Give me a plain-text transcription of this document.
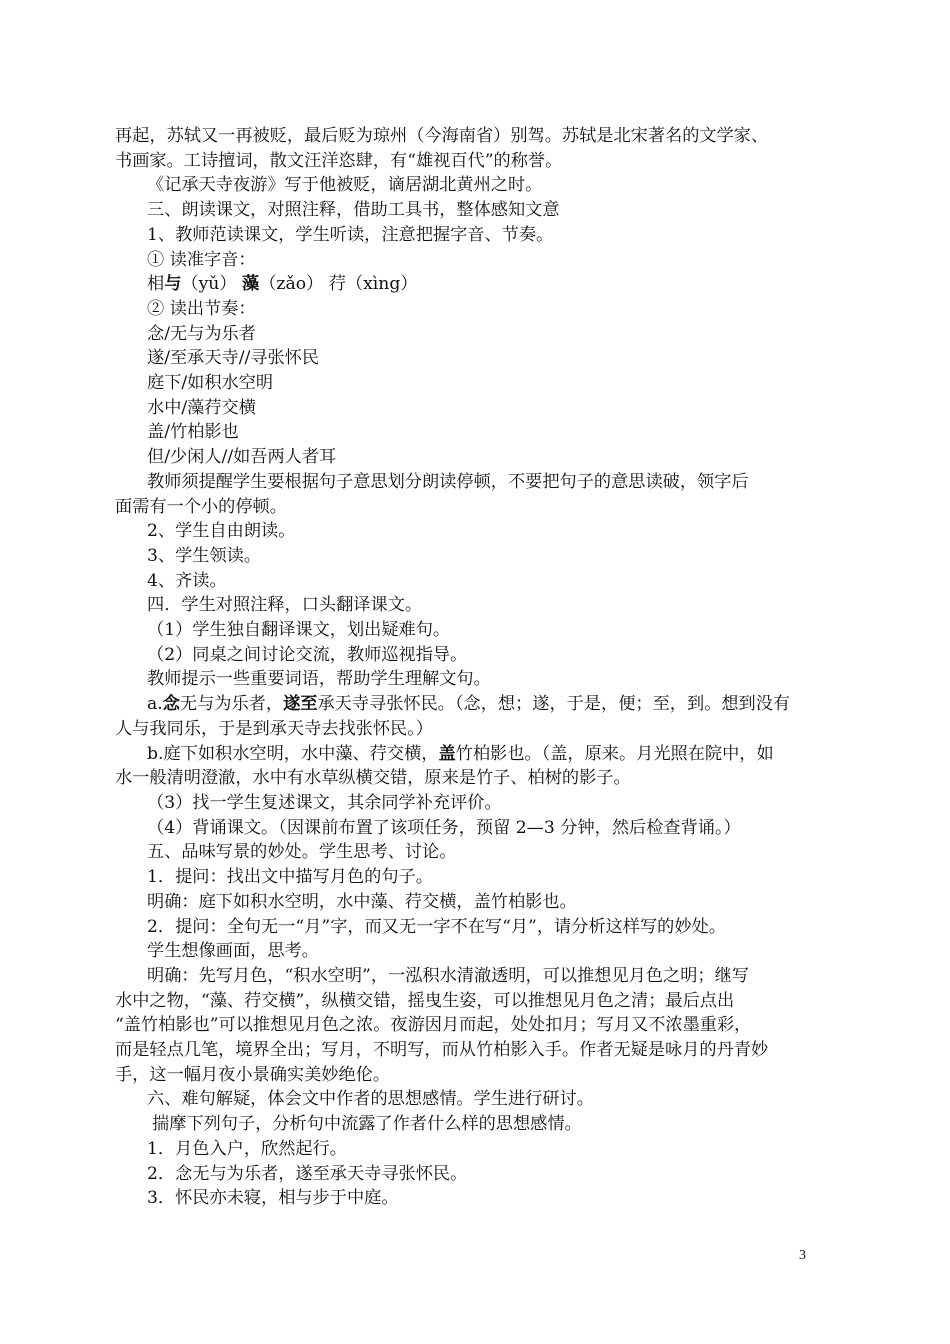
再起，苏轼又一再被贬，最后贬为琼州（今海南省）别驾。苏轼是北宋著名的文学家、

书画家。工诗擅词，散文汪洋恣肆，有“雄视百代”的称誉。

《记承天寺夜游》写于他被贬，谪居湖北黄州之时。

三、朗读课文，对照注释，借助工具书，整体感知文意

1、教师范读课文，学生听读，注意把握字音、节奏。

① 读准字音：

相与（yǔ） 藻（zǎo） 荇（xìng）

② 读出节奏：

念/无与为乐者

遂/至承天寺//寻张怀民

庭下/如积水空明

水中/藻荇交横

盖/竹柏影也

但/少闲人//如吾两人者耳

教师须提醒学生要根据句子意思划分朗读停顿，不要把句子的意思读破，领字后

面需有一个小的停顿。

2、学生自由朗读。

3、学生领读。

4、齐读。

四．学生对照注释，口头翻译课文。

（1）学生独自翻译课文，划出疑难句。

（2）同桌之间讨论交流，教师巡视指导。

教师提示一些重要词语，帮助学生理解文句。

a.念无与为乐者，遂至承天寺寻张怀民。（念，想；遂，于是，便；至，到。想到没有

人与我同乐，于是到承天寺去找张怀民。）

b.庭下如积水空明，水中藻、荇交横，盖竹柏影也。（盖，原来。月光照在院中，如

水一般清明澄澈，水中有水草纵横交错，原来是竹子、柏树的影子。

（3）找一学生复述课文，其余同学补充评价。

（4）背诵课文。（因课前布置了该项任务，预留 2—3 分钟，然后检查背诵。）

五、品味写景的妙处。学生思考、讨论。

1．提问：找出文中描写月色的句子。

明确：庭下如积水空明，水中藻、荇交横，盖竹柏影也。

2．提问：全句无一“月”字，而又无一字不在写“月”，请分析这样写的妙处。

学生想像画面，思考。

明确：先写月色，“积水空明”，一泓积水清澈透明，可以推想见月色之明；继写

水中之物，“藻、荇交横”，纵横交错，摇曳生姿，可以推想见月色之清；最后点出

“盖竹柏影也”可以推想见月色之浓。夜游因月而起，处处扣月；写月又不浓墨重彩，

而是轻点几笔，境界全出；写月，不明写，而从竹柏影入手。作者无疑是咏月的丹青妙

手，这一幅月夜小景确实美妙绝伦。

六、难句解疑，体会文中作者的思想感情。学生进行研讨。

揣摩下列句子，分析句中流露了作者什么样的思想感情。

1．月色入户，欣然起行。

2．念无与为乐者，遂至承天寺寻张怀民。

3．怀民亦未寝，相与步于中庭。

3
